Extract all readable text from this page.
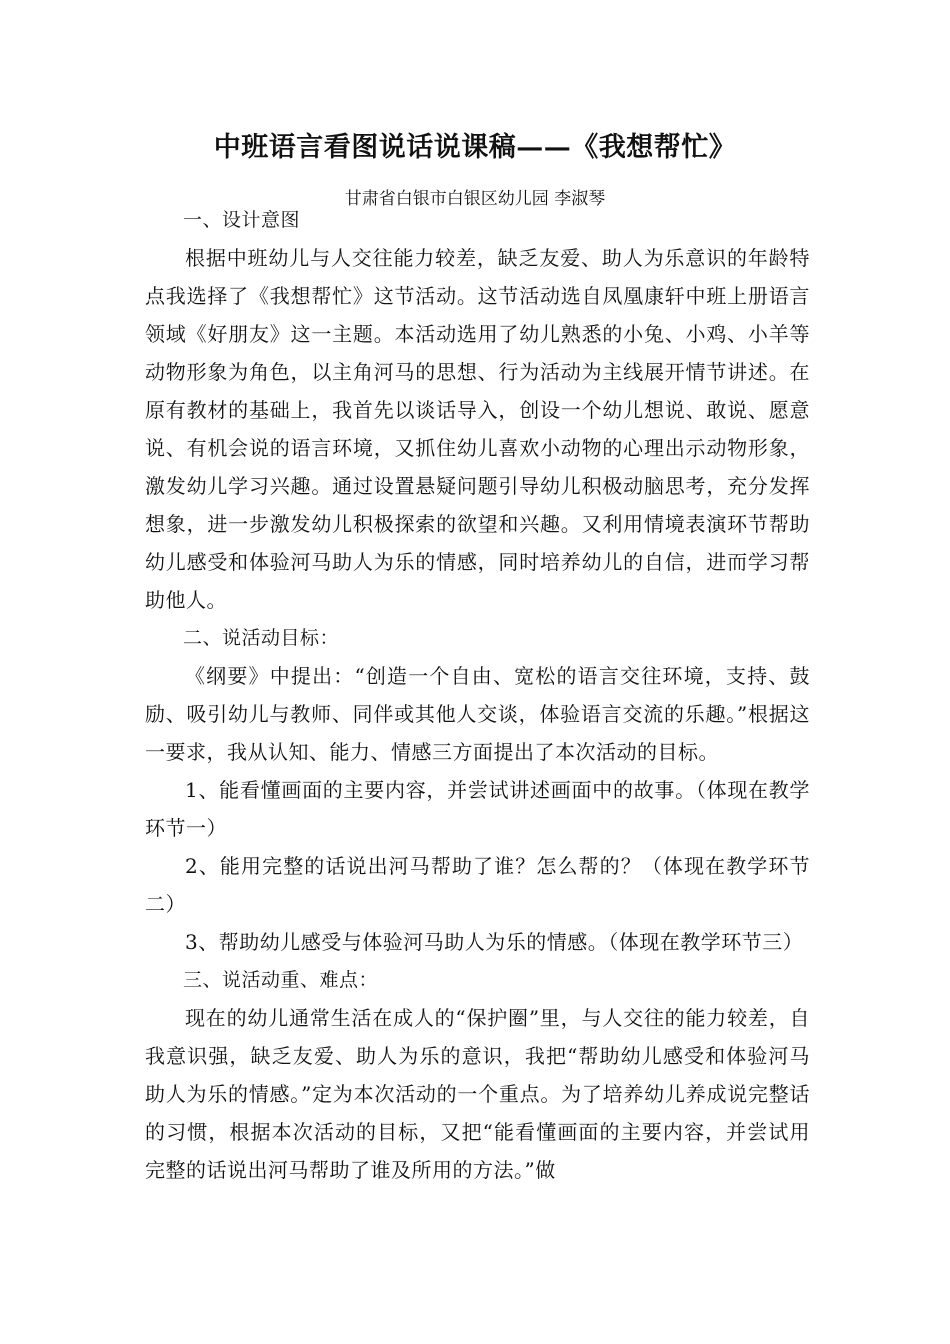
中班语言看图说话说课稿——《我想帮忙》
甘肃省白银市白银区幼儿园 李淑琴

一、设计意图

根据中班幼儿与人交往能力较差，缺乏友爱、助人为乐意识的年龄特点我选择了《我想帮忙》这节活动。这节活动选自凤凰康轩中班上册语言领域《好朋友》这一主题。本活动选用了幼儿熟悉的小兔、小鸡、小羊等动物形象为角色，以主角河马的思想、行为活动为主线展开情节讲述。在原有教材的基础上，我首先以谈话导入，创设一个幼儿想说、敢说、愿意说、有机会说的语言环境，又抓住幼儿喜欢小动物的心理出示动物形象，激发幼儿学习兴趣。通过设置悬疑问题引导幼儿积极动脑思考，充分发挥想象，进一步激发幼儿积极探索的欲望和兴趣。又利用情境表演环节帮助幼儿感受和体验河马助人为乐的情感，同时培养幼儿的自信，进而学习帮助他人。

二、说活动目标：

《纲要》中提出：“创造一个自由、宽松的语言交往环境，支持、鼓励、吸引幼儿与教师、同伴或其他人交谈，体验语言交流的乐趣。”根据这一要求，我从认知、能力、情感三方面提出了本次活动的目标。

1、能看懂画面的主要内容，并尝试讲述画面中的故事。（体现在教学环节一）

2、能用完整的话说出河马帮助了谁？怎么帮的？（体现在教学环节二）

3、帮助幼儿感受与体验河马助人为乐的情感。（体现在教学环节三）

三、说活动重、难点：

现在的幼儿通常生活在成人的“保护圈”里，与人交往的能力较差，自我意识强，缺乏友爱、助人为乐的意识，我把“帮助幼儿感受和体验河马助人为乐的情感。”定为本次活动的一个重点。为了培养幼儿养成说完整话的习惯，根据本次活动的目标，又把“能看懂画面的主要内容，并尝试用完整的话说出河马帮助了谁及所用的方法。”做
